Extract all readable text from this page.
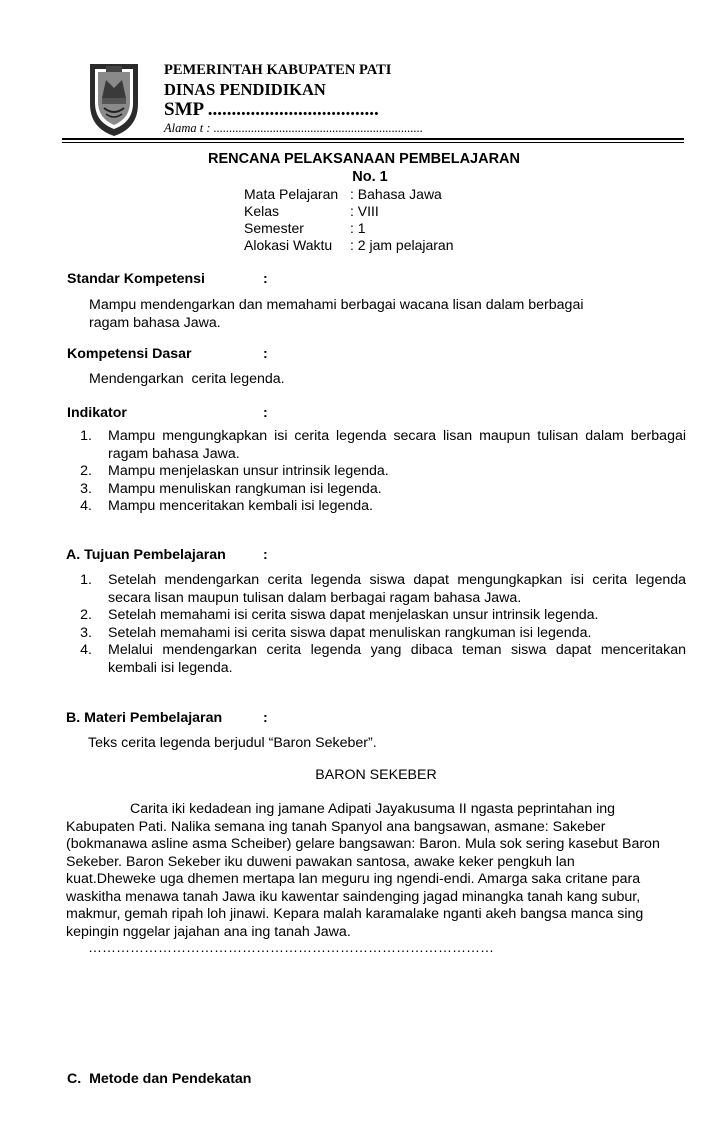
PEMERINTAH KABUPATEN PATI
DINAS PENDIDIKAN
SMP ....................................
Alama t : ...................................................................
RENCANA PELAKSANAAN PEMBELAJARAN
No. 1
Mata Pelajaran	: Bahasa Jawa
Kelas	: VIII
Semester	: 1
Alokasi Waktu	: 2 jam pelajaran
Standar Kompetensi	:
Mampu mendengarkan dan memahami berbagai wacana lisan dalam berbagai ragam bahasa Jawa.
Kompetensi Dasar	:
Mendengarkan  cerita legenda.
Indikator	:
1.	Mampu mengungkapkan isi cerita legenda secara lisan maupun tulisan dalam berbagai ragam bahasa Jawa.
2.	Mampu menjelaskan unsur intrinsik legenda.
3.	Mampu menuliskan rangkuman isi legenda.
4.	Mampu menceritakan kembali isi legenda.
A. Tujuan Pembelajaran	:
1.	Setelah mendengarkan cerita legenda siswa dapat mengungkapkan isi cerita legenda secara lisan maupun tulisan dalam berbagai ragam bahasa Jawa.
2.	Setelah memahami isi cerita siswa dapat menjelaskan unsur intrinsik legenda.
3.	Setelah memahami isi cerita siswa dapat menuliskan rangkuman isi legenda.
4.	Melalui mendengarkan cerita legenda yang dibaca teman siswa dapat menceritakan kembali isi legenda.
B. Materi Pembelajaran	:
Teks cerita legenda berjudul “Baron Sekeber”.
BARON SEKEBER
Carita iki kedadean ing jamane Adipati Jayakusuma II ngasta peprintahan ing
Kabupaten Pati. Nalika semana ing tanah Spanyol ana bangsawan, asmane: Sakeber
(bokmanawa asline asma Scheiber) gelare bangsawan: Baron. Mula sok sering kasebut Baron
Sekeber. Baron Sekeber iku duweni pawakan santosa, awake keker pengkuh lan
kuat.Dheweke uga dhemen mertapa lan meguru ing ngendi-endi. Amarga saka critane para
waskitha menawa tanah Jawa iku kawentar saindenging jagad minangka tanah kang subur,
makmur, gemah ripah loh jinawi. Kepara malah karamalake nganti akeh bangsa manca sing
kepingin nggelar jajahan ana ing tanah Jawa.
……………………………………………………………………………
C.  Metode dan Pendekatan
